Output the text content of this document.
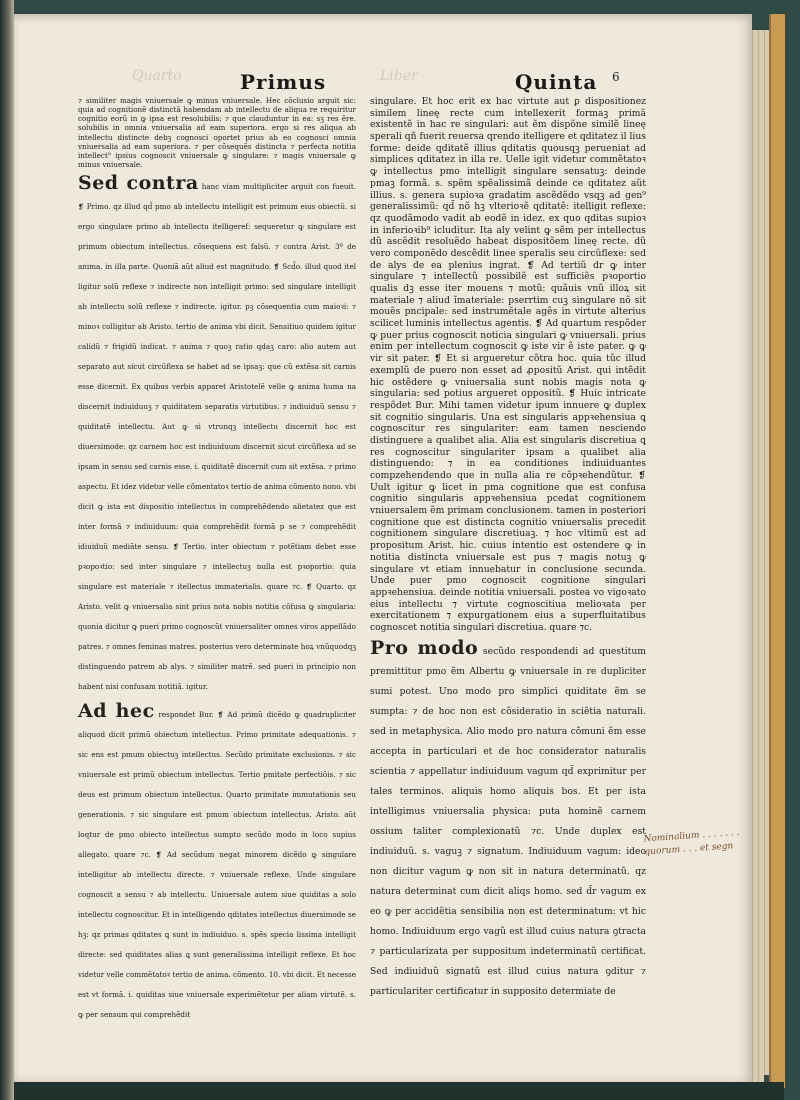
Quarto	Liber
Primus	Quinta 6

⁊ similiter magis vniuersale ꝙ minus vniuersale. Hec cõclusio arguit sic: quia ad cognitionẽ distinctã habendam ab intellectu de aliqua re requiritur cognitio eorũ in ꝙ ipsa est resolubilis: ⁊ que clauduntur in ea: sꝫ res ẽre. solubilis in omnia vniuersalia ad eam superiora. ergo si res aliqua ab intellectu distincte debꝫ cognosci oportet prius ab eo cognosci omnia vniuersalia ad eam superiora. ⁊ per cõsequẽs distincta ⁊ perfecta notitia intellect⁹ ipsius cognoscit vniuersale ꝙ singulare: ⁊ magis vniuersale ꝙ minus vniuersale.

Sed contra hanc viam multipliciter arguit con fueuit. ❡ Primo. qz illud qd̃ pmo ab intellectu intelligit est primum eius obiectũ. si ergo singulare primo ab intellectu itelligeref: sequeretur ꝙ singulare est primum obiectum intellectus. cõsequens est falsũ. ⁊ contra Arist. 3º de anima. in illa parte. Quoniã aũt aliud est magnitudo. ❡ Scd̃o. illud quod itel ligitur solũ reflexe ⁊ indirecte non intelligit primo: sed singulare intelligit ab intellectu solũ reflexe ⁊ indirecte. igitur. pꝫ cõsequentia cum maioꝛi: ⁊ minoꝛ colligitur ab Aristo. tertio de anima vbi dicit. Sensitiuo quidem igitur calidũ ⁊ frigidũ indicat. ⁊ anima ⁊ quoꝫ ratio qdaꝫ caro: alio autem aut separato aut sicut circũflexa se habet ad se ipsaꝫ: que cũ extẽsa sit carnis esse dicernit. Ex quibus verbis apparet Aristotelẽ velle ꝙ anima huma na discernit indiuiduuꝫ ⁊ quiditatem separatis virtutibus. ⁊ indiuiduũ sensu ⁊ quiditatẽ intellectu. Aut ꝙ si vtrunqꝫ intellectu discernit hoc est diuersimode: qz carnem hoc est indiuiduum discernit sicut circũflexa ad se ipsam in sensu sed carnis esse. i. quiditatẽ discernit cum sit extẽsa. ⁊ primo aspectu. Et idez videtur velle cõmentatoꝛ tertio de anima cõmento nono. vbi dicit ꝙ ista est dispositio intellectus in comprehẽdendo alietatez que est inter formã ⁊ indiuiduum: quia comprehẽdit formã p se ⁊ comprehẽdit idiuiduũ mediãte sensu. ❡ Tertio. inter obiectum ⁊ potẽtiam debet esse pꝛopoꝛtio: sed inter singulare ⁊ intellectuꝫ nulla est pꝛoportio: quia singulare est materiale ⁊ itellectus immaterialis. quare ⁊c. ❡ Quarto. qz Aristo. velit ꝙ vniuersalia sint prius nota nobis notitia cõfusa ꝙ singularia: quonia dicitur ꝙ pueri primo cognoscũt vniuersaliter omnes viros appellãdo patres. ⁊ omnes feminas matres. posterius vero determinate hoꝝ vnũquodqꝫ distinguendo patrem ab alys. ⁊ similiter matrẽ. sed pueri in principio non habent nisi confusam notitiã. igitur.

Ad hec respondet Bur. ❡ Ad primũ dicẽdo ꝙ quadrupliciter aliquod dicit primũ obiectum intellectus. Primo primitate adequationis. ⁊ sic ens est pmum obiectuꝫ intellectus. Secũdo primitate exclusionis. ⁊ sic vniuersale est primũ obiectum intellectus. Tertio pmitate perfectiõis. ⁊ sic deus est primum obiectum intellectus. Quarto primitate immutationis seu generationis. ⁊ sic singulare est pmum obiectum intellectus. Aristo. aũt loqtur de pmo obiecto intellectus sumpto secũdo modo in loco supius allegato. quare ⁊c. ❡ Ad secũdum negat minorem dicẽdo ꝙ singulare intelligitur ab intellectu directe. ⁊ vniuersale reflexe. Unde singulare cognoscit a sensu ⁊ ab intellectu. Uniuersale autem siue quiditas a solo intellectu cognoscitur. Et in intelligendo qditates intellectus diuersimode se hꝫ: qz primas qditates ꝗ sunt in indiuiduo. s. spẽs specia lissima intelligit directe: sed quiditates alias ꝗ sunt generalissima intelligit reflexe. Et hoc videtur velle commẽtatoꝛ tertio de anima. cõmento. 10. vbi dicit. Et necesse est vt formã. i. quiditas siue vniuersale experimẽtetur per aliam virtutẽ. s. ꝙ per sensum qui comprehẽdit

singulare. Et hoc erit ex hac virtute aut ꝑ dispositionez similem lineę recte cum intellexerit formaꝫ primã existentẽ in hac re singulari: aut ẽm dispõne similẽ lineę sperali qñ fuerit reuersa qrendo itelligere et qditatez il lius forme: deide qditatẽ illius qditatis quousqꝫ perueniat ad simplices qditatez in illa re. Uelle igit videtur commẽtatoꝛ ꝙ intellectus pmo intelligit singulare sensatuꝫ: deinde pmaꝫ formã. s. spẽm spẽalissimã deinde ce qditatez aũt illius. s. genera supioꝛa gradatim ascẽdẽdo vsqꝫ ad gen⁹ generalissimũ: qd̃ nõ hꝫ vlterioꝛẽ qditatẽ: itelligit reflexe: qz quodãmodo vadit ab eodẽ in idez. ex quo qditas supioꝛ in inferioꝛib⁹ icluditur. Ita aly velint ꝙ sẽm per intellectus dũ ascẽdit resoluẽdo habeat dispositõem lineę recte. dũ vero componẽdo descẽdit linee speralis seu circũflexe: sed de alys de ea plenius ingrat. ❡ Ad tertiũ dr ꝙ inter singulare ⁊ intellectũ possibilẽ est sufficiẽs pꝛoportio qualis dꝫ esse iter mouens ⁊ motũ: quãuis vnũ illoꝝ sit materiale ⁊ aliud ĩmateriale: pserrtim cuꝫ singulare nõ sit mouẽs pncipale: sed instrumẽtale agẽs in virtute alterius scilicet luminis intellectus agentis. ❡ Ad quartum respõder ꝙ puer prius cognoscit noticia singulari ꝙ vniuersali. prius enim per intellectum cognoscit ꝙ iste vir ẽ iste pater. ꝙ ꝙ vir sit pater. ❡ Et si argueretur cõtra hoc. quia tũc illud exemplũ de puero non esset ad ꝓpositũ Arist. qui intẽdit hic ostẽdere ꝙ vniuersalia sunt nobis magis nota ꝙ singularia: sed potius argueret oppositũ. ❡ Huic intricate respõdet Bur. Mihi tamen videtur ipum innuere ꝙ duplex sit cognitio singularis. Una est singularis appꝛehensiua ꝗ cognoscitur res singulariter: eam tamen nesciendo distinguere a qualibet alia. Alia est singularis discretiua ꝗ res cognoscitur singulariter ipsam a qualibet alia distinguendo: ⁊ in ea conditiones indiuiduantes compzehendendo que in nulla alia re cõpꝛehendũtur. ❡ Uult igitur ꝙ licet in pma cognitione que est confusa cognitio singularis appꝛehensiua pcedat cognitionem vniuersalem ẽm primam conclusionem. tamen in posteriori cognitione que est distincta cognitio vniuersalis precedit cognitionem singulare discretiuaꝫ. ⁊ hoc vltimũ est ad propositum Arist. hic. cuius intentio est ostendere ꝙ in notitia distincta vniuersale est pus ⁊ magis notuꝫ ꝙ singulare vt etiam innuebatur in conclusione secunda. Unde puer pmo cognoscit cognitione singulari appꝛehensiua. deinde notitia vniuersali. postea vo vigoꝛato eius intellectu ⁊ virtute cognoscitiua melioꝛata per exercitationem ⁊ expurgationem eius a superfluitatibus cognoscet notitia singulari discretiua. quare ⁊c.

Pro modo secũdo respondendi ad questitum premittitur pmo ẽm Albertu ꝙ vniuersale in re dupliciter sumi potest. Uno modo pro simplici quiditate ẽm se sumpta: ⁊ de hoc non est cõsideratio in sciẽtia naturali. sed in metaphysica. Alio modo pro natura cõmuni ẽm esse accepta in particulari et de hoc considerator naturalis scientia ⁊ appellatur indiuiduum vagum qd̃ exprimitur per tales terminos. aliquis homo aliquis bos. Et per ista intelligimus vniuersalia physica: puta hominẽ carnem ossium taliter complexionatũ ⁊c. Unde duplex est indiuiduũ. s. vaguꝫ ⁊ signatum. Indiuiduum vagum: ideo non dicitur vagum ꝙ non sit in natura determinatũ. qz natura determinat cum dicit aliqs homo. sed d̃r vagum ex eo ꝙ per accidẽtia sensibilia non est determinatum: vt hic homo. Indiuiduum ergo vagũ est illud cuius natura ꝯtracta ⁊ particularizata per suppositum indeterminatũ certificat. Sed indiuiduũ signatũ est illud cuius natura ꝯditur ⁊ particulariter certificatur in supposito determiate de

Nominalium . . . . . . . quorum . . . et segn
